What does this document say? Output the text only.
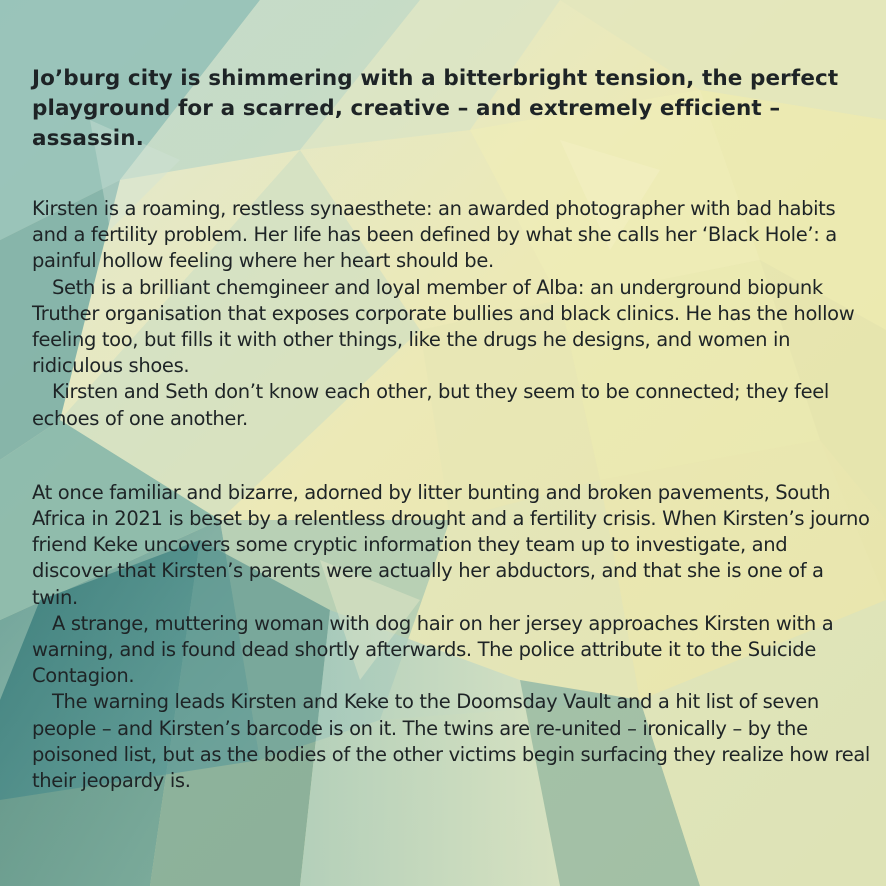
Jo’burg city is shimmering with a bitterbright tension, the perfect playground for a scarred, creative – and extremely efficient – assassin.

Kirsten is a roaming, restless synaesthete: an awarded photographer with bad habits and a fertility problem. Her life has been defined by what she calls her ‘Black Hole’: a painful hollow feeling where her heart should be.

Seth is a brilliant chemgineer and loyal member of Alba: an underground biopunk Truther organisation that exposes corporate bullies and black clinics. He has the hollow feeling too, but fills it with other things, like the drugs he designs, and women in ridiculous shoes.

Kirsten and Seth don’t know each other, but they seem to be connected; they feel echoes of one another.

At once familiar and bizarre, adorned by litter bunting and broken pavements, South Africa in 2021 is beset by a relentless drought and a fertility crisis. When Kirsten’s journo friend Keke uncovers some cryptic information they team up to investigate, and discover that Kirsten’s parents were actually her abductors, and that she is one of a twin.

A strange, muttering woman with dog hair on her jersey approaches Kirsten with a warning, and is found dead shortly afterwards. The police attribute it to the Suicide Contagion.

The warning leads Kirsten and Keke to the Doomsday Vault and a hit list of seven people – and Kirsten’s barcode is on it. The twins are re-united – ironically – by the poisoned list, but as the bodies of the other victims begin surfacing they realize how real their jeopardy is.
